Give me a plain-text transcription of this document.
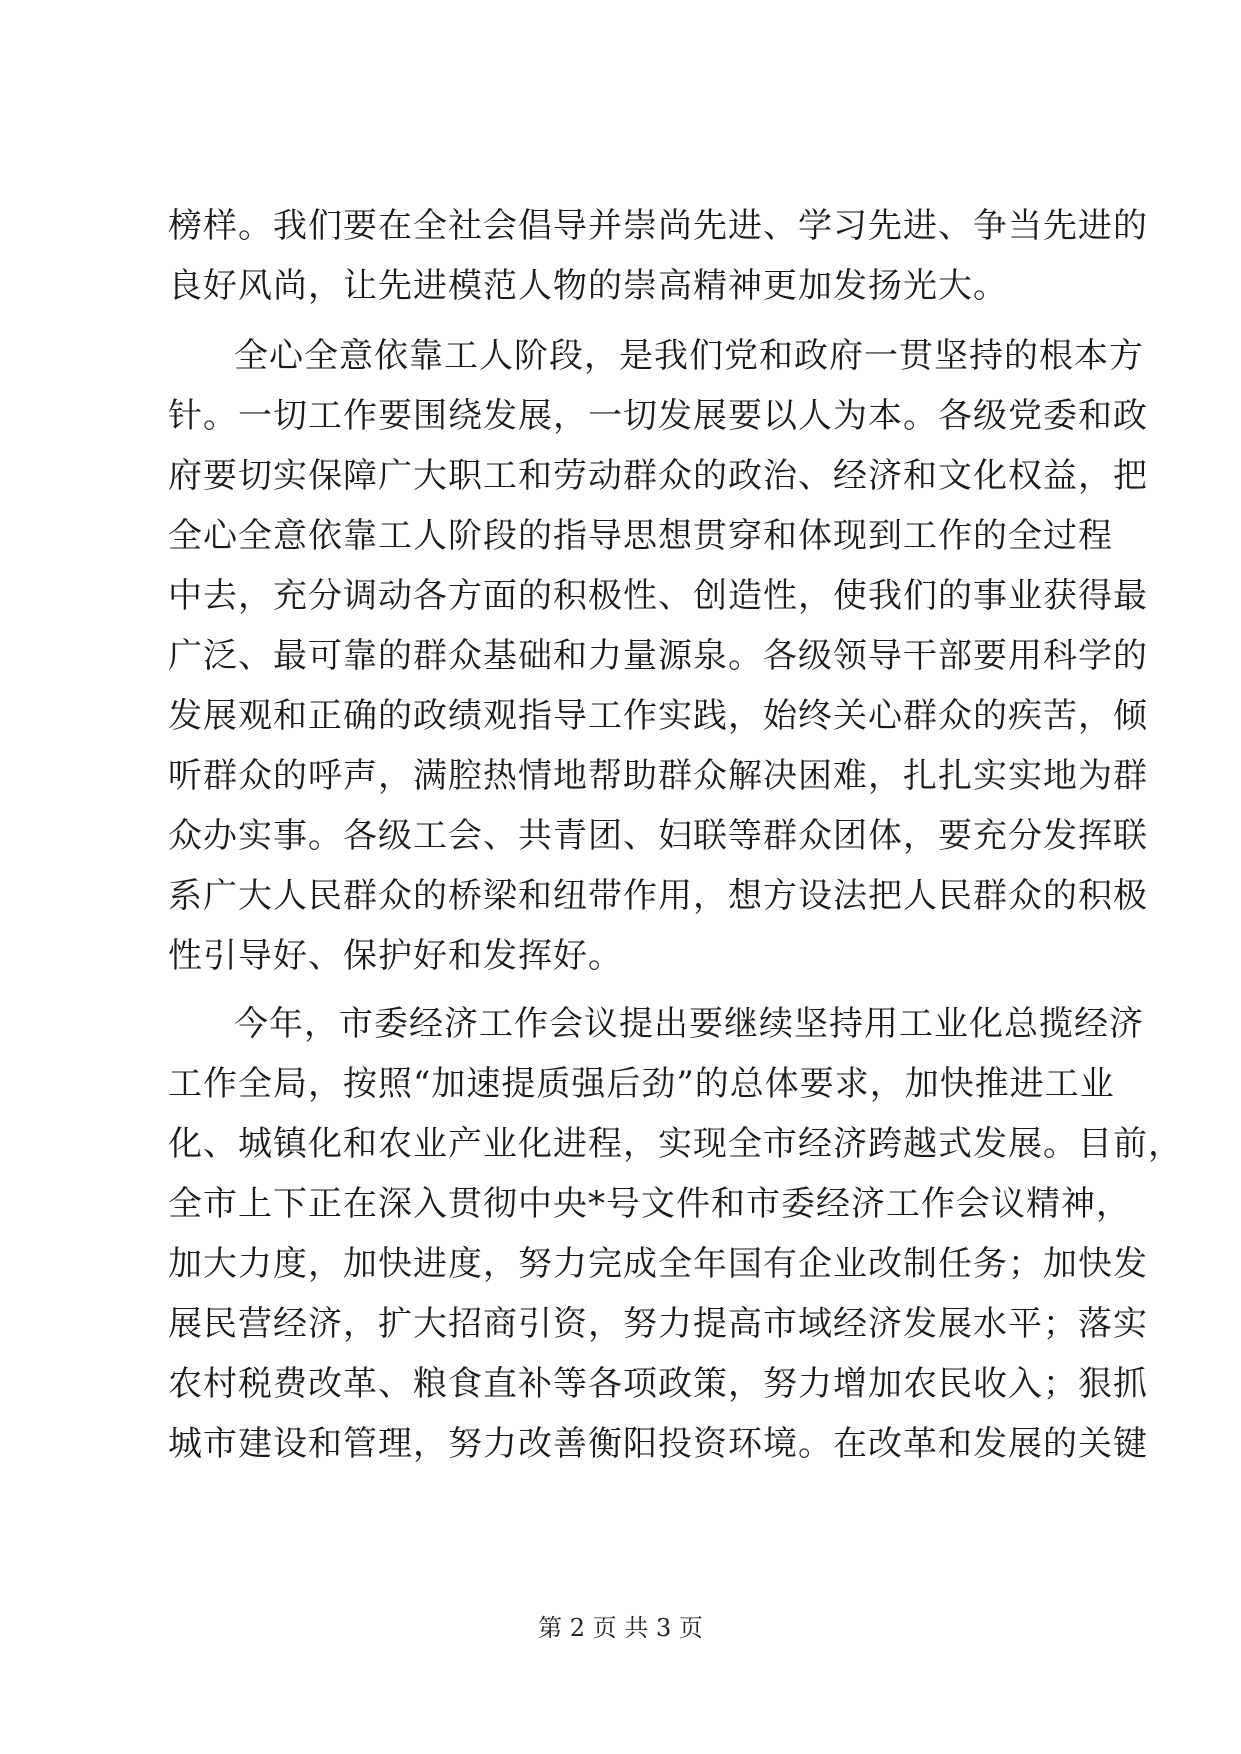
榜样。我们要在全社会倡导并崇尚先进、学习先进、争当先进的
良好风尚，让先进模范人物的崇高精神更加发扬光大。
全心全意依靠工人阶段，是我们党和政府一贯坚持的根本方
针。一切工作要围绕发展，一切发展要以人为本。各级党委和政
府要切实保障广大职工和劳动群众的政治、经济和文化权益，把
全心全意依靠工人阶段的指导思想贯穿和体现到工作的全过程
中去，充分调动各方面的积极性、创造性，使我们的事业获得最
广泛、最可靠的群众基础和力量源泉。各级领导干部要用科学的
发展观和正确的政绩观指导工作实践，始终关心群众的疾苦，倾
听群众的呼声，满腔热情地帮助群众解决困难，扎扎实实地为群
众办实事。各级工会、共青团、妇联等群众团体，要充分发挥联
系广大人民群众的桥梁和纽带作用，想方设法把人民群众的积极
性引导好、保护好和发挥好。
今年，市委经济工作会议提出要继续坚持用工业化总揽经济
工作全局，按照“加速提质强后劲”的总体要求，加快推进工业
化、城镇化和农业产业化进程，实现全市经济跨越式发展。目前，
全市上下正在深入贯彻中央*号文件和市委经济工作会议精神，
加大力度，加快进度，努力完成全年国有企业改制任务；加快发
展民营经济，扩大招商引资，努力提高市域经济发展水平；落实
农村税费改革、粮食直补等各项政策，努力增加农民收入；狠抓
城市建设和管理，努力改善衡阳投资环境。在改革和发展的关键
第 2 页 共 3 页
